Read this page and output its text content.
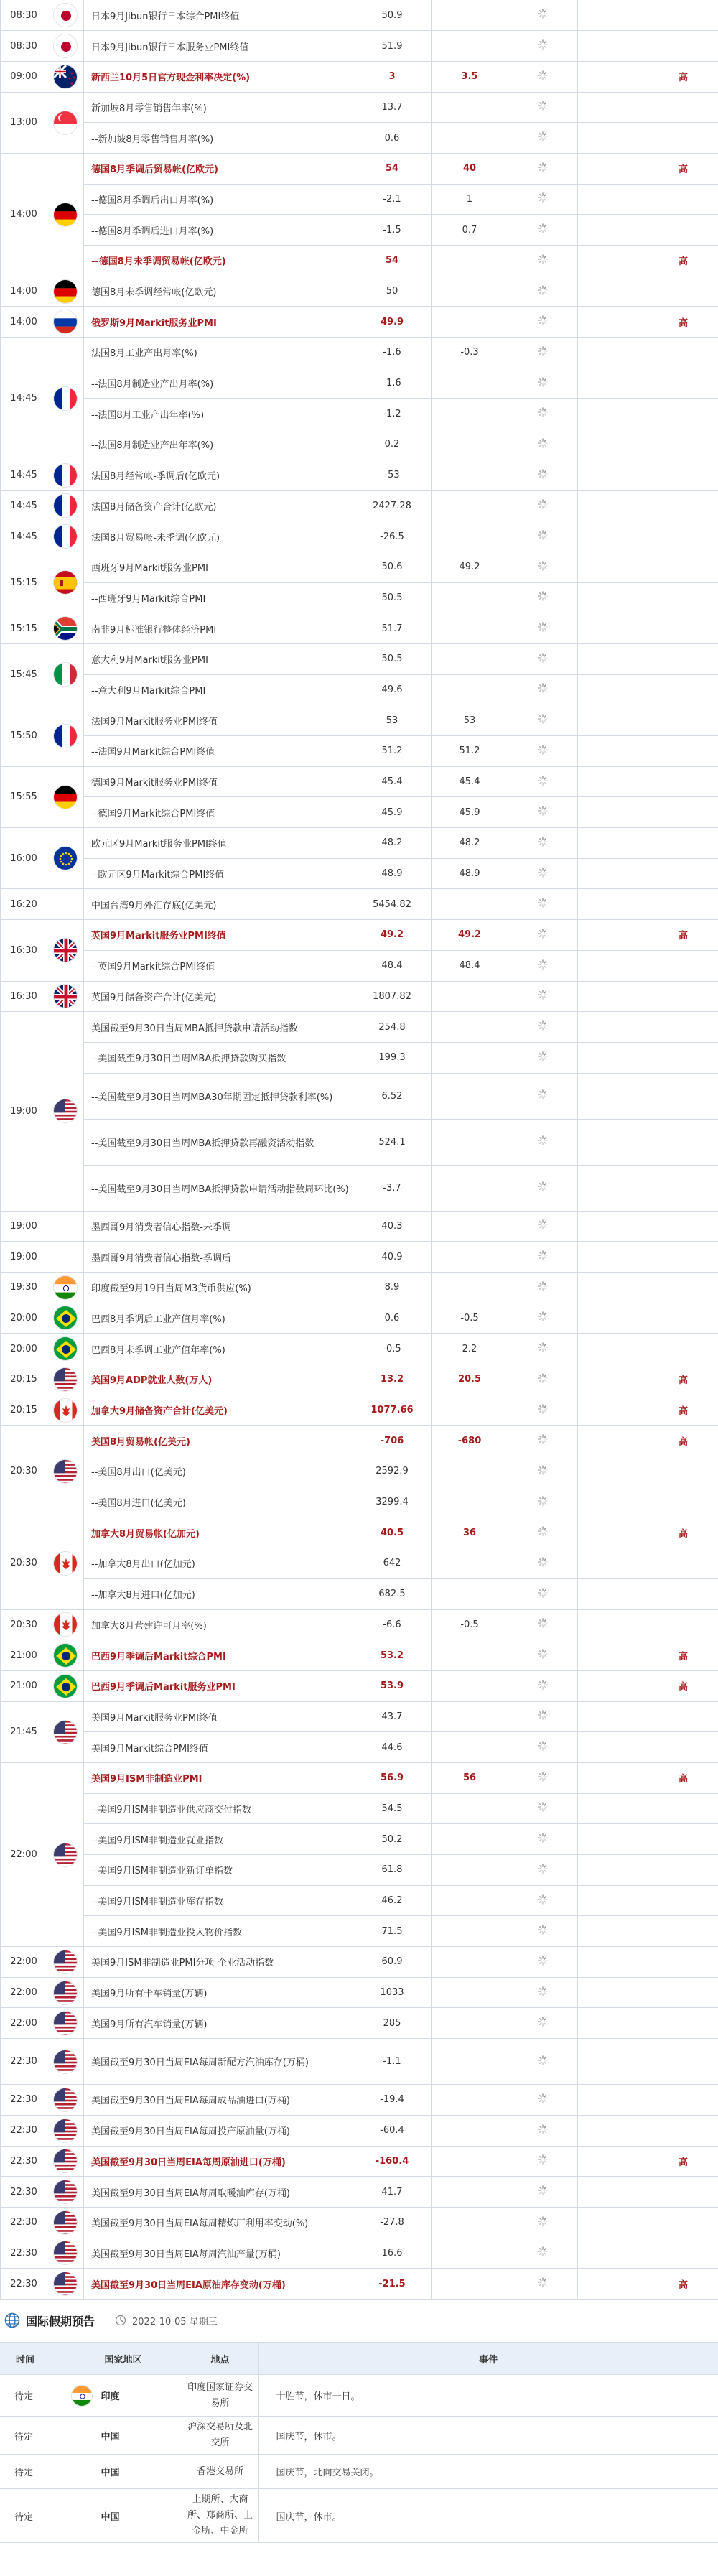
08:30		日本9月Jibun银行日本综合PMI终值	50.9		

08:30		日本9月Jibun银行日本服务业PMI终值	51.9		

09:00		新西兰10月5日官方现金利率决定(%)	3	3.5			高
13:00		新加坡8月零售销售年率(%)	13.7		

		--新加坡8月零售销售月率(%)	0.6		

14:00		德国8月季调后贸易帐(亿欧元)	54	40			高
		--德国8月季调后出口月率(%)	-2.1	1	

		--德国8月季调后进口月率(%)	-1.5	0.7	

		--德国8月未季调贸易帐(亿欧元)	54				高
14:00		德国8月未季调经常帐(亿欧元)	50		

14:00		俄罗斯9月Markit服务业PMI	49.9				高
14:45		法国8月工业产出月率(%)	-1.6	-0.3	

		--法国8月制造业产出月率(%)	-1.6		

		--法国8月工业产出年率(%)	-1.2		

		--法国8月制造业产出年率(%)	0.2		

14:45		法国8月经常帐-季调后(亿欧元)	-53		

14:45		法国8月储备资产合计(亿欧元)	2427.28		

14:45		法国8月贸易帐-未季调(亿欧元)	-26.5		

15:15		西班牙9月Markit服务业PMI	50.6	49.2	

		--西班牙9月Markit综合PMI	50.5		

15:15		南非9月标准银行整体经济PMI	51.7		

15:45		意大利9月Markit服务业PMI	50.5		

		--意大利9月Markit综合PMI	49.6		

15:50		法国9月Markit服务业PMI终值	53	53	

		--法国9月Markit综合PMI终值	51.2	51.2	

15:55		德国9月Markit服务业PMI终值	45.4	45.4	

		--德国9月Markit综合PMI终值	45.9	45.9	

16:00		欧元区9月Markit服务业PMI终值	48.2	48.2	

		--欧元区9月Markit综合PMI终值	48.9	48.9	

16:20		中国台湾9月外汇存底(亿美元)	5454.82		

16:30		英国9月Markit服务业PMI终值	49.2	49.2			高
		--英国9月Markit综合PMI终值	48.4	48.4	

16:30		英国9月储备资产合计(亿美元)	1807.82		

19:00		美国截至9月30日当周MBA抵押贷款申请活动指数	254.8		

		--美国截至9月30日当周MBA抵押贷款购买指数	199.3		

		--美国截至9月30日当周MBA30年期固定抵押贷款利率(%)	6.52		

		--美国截至9月30日当周MBA抵押贷款再融资活动指数	524.1		

		--美国截至9月30日当周MBA抵押贷款申请活动指数周环比(%)	-3.7		

19:00		墨西哥9月消费者信心指数-未季调	40.3		

19:00		墨西哥9月消费者信心指数-季调后	40.9		

19:30		印度截至9月19日当周M3货币供应(%)	8.9		

20:00		巴西8月季调后工业产值月率(%)	0.6	-0.5	

20:00		巴西8月未季调工业产值年率(%)	-0.5	2.2	

20:15		美国9月ADP就业人数(万人)	13.2	20.5			高
20:15		加拿大9月储备资产合计(亿美元)	1077.66				高
20:30		美国8月贸易帐(亿美元)	-706	-680			高
		--美国8月出口(亿美元)	2592.9		

		--美国8月进口(亿美元)	3299.4		

20:30		加拿大8月贸易帐(亿加元)	40.5	36			高
		--加拿大8月出口(亿加元)	642		

		--加拿大8月进口(亿加元)	682.5		

20:30		加拿大8月营建许可月率(%)	-6.6	-0.5	

21:00		巴西9月季调后Markit综合PMI	53.2				高
21:00		巴西9月季调后Markit服务业PMI	53.9				高
21:45		美国9月Markit服务业PMI终值	43.7		

		美国9月Markit综合PMI终值	44.6		

22:00		美国9月ISM非制造业PMI	56.9	56			高
		--美国9月ISM非制造业供应商交付指数	54.5		

		--美国9月ISM非制造业就业指数	50.2		

		--美国9月ISM非制造业新订单指数	61.8		

		--美国9月ISM非制造业库存指数	46.2		

		--美国9月ISM非制造业投入物价指数	71.5		

22:00		美国9月ISM非制造业PMI分项-企业活动指数	60.9		

22:00		美国9月所有卡车销量(万辆)	1033		

22:00		美国9月所有汽车销量(万辆)	285		

22:30		美国截至9月30日当周EIA每周新配方汽油库存(万桶)	-1.1		

22:30		美国截至9月30日当周EIA每周成品油进口(万桶)	-19.4		

22:30		美国截至9月30日当周EIA每周投产原油量(万桶)	-60.4		

22:30		美国截至9月30日当周EIA每周原油进口(万桶)	-160.4				高
22:30		美国截至9月30日当周EIA每周取暖油库存(万桶)	41.7		

22:30		美国截至9月30日当周EIA每周精炼厂利用率变动(%)	-27.8		

22:30		美国截至9月30日当周EIA每周汽油产量(万桶)	16.6		

22:30		美国截至9月30日当周EIA原油库存变动(万桶)	-21.5				高
国际假期预告	2022-10-05 星期三
时间	国家地区	地点	事件
待定	印度	印度国家证券交易所	十胜节，休市一日。
待定	中国	沪深交易所及北交所	国庆节，休市。
待定	中国	香港交易所	国庆节，北向交易关闭。
待定	中国	上期所、大商所、郑商所、上金所、中金所	国庆节，休市。
